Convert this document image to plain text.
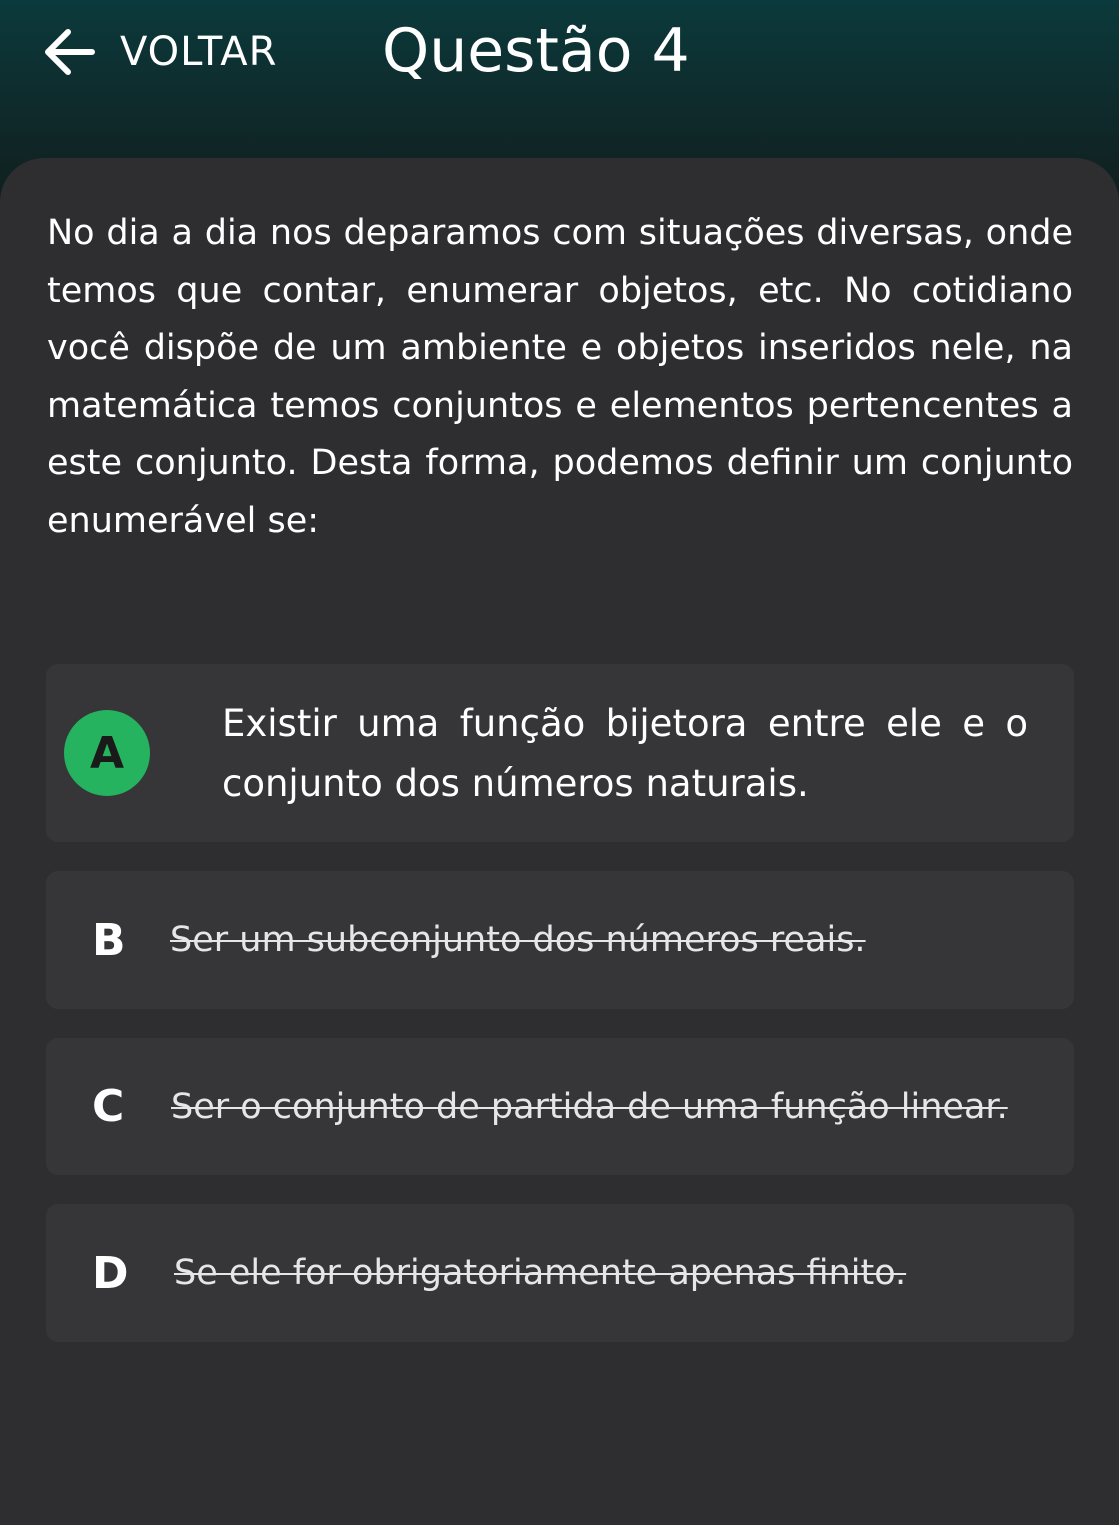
VOLTAR Questão 4
No dia a dia nos deparamos com situações diversas, onde temos que contar, enumerar objetos, etc. No cotidiano você dispõe de um ambiente e objetos inseridos nele, na matemática temos conjuntos e elementos pertencentes a este conjunto. Desta forma, podemos definir um conjunto enumerável se:
A
Existir uma função bijetora entre ele e o conjunto dos números naturais.
B Ser um subconjunto dos números reais.
C Ser o conjunto de partida de uma função linear.
D Se ele for obrigatoriamente apenas finito.
